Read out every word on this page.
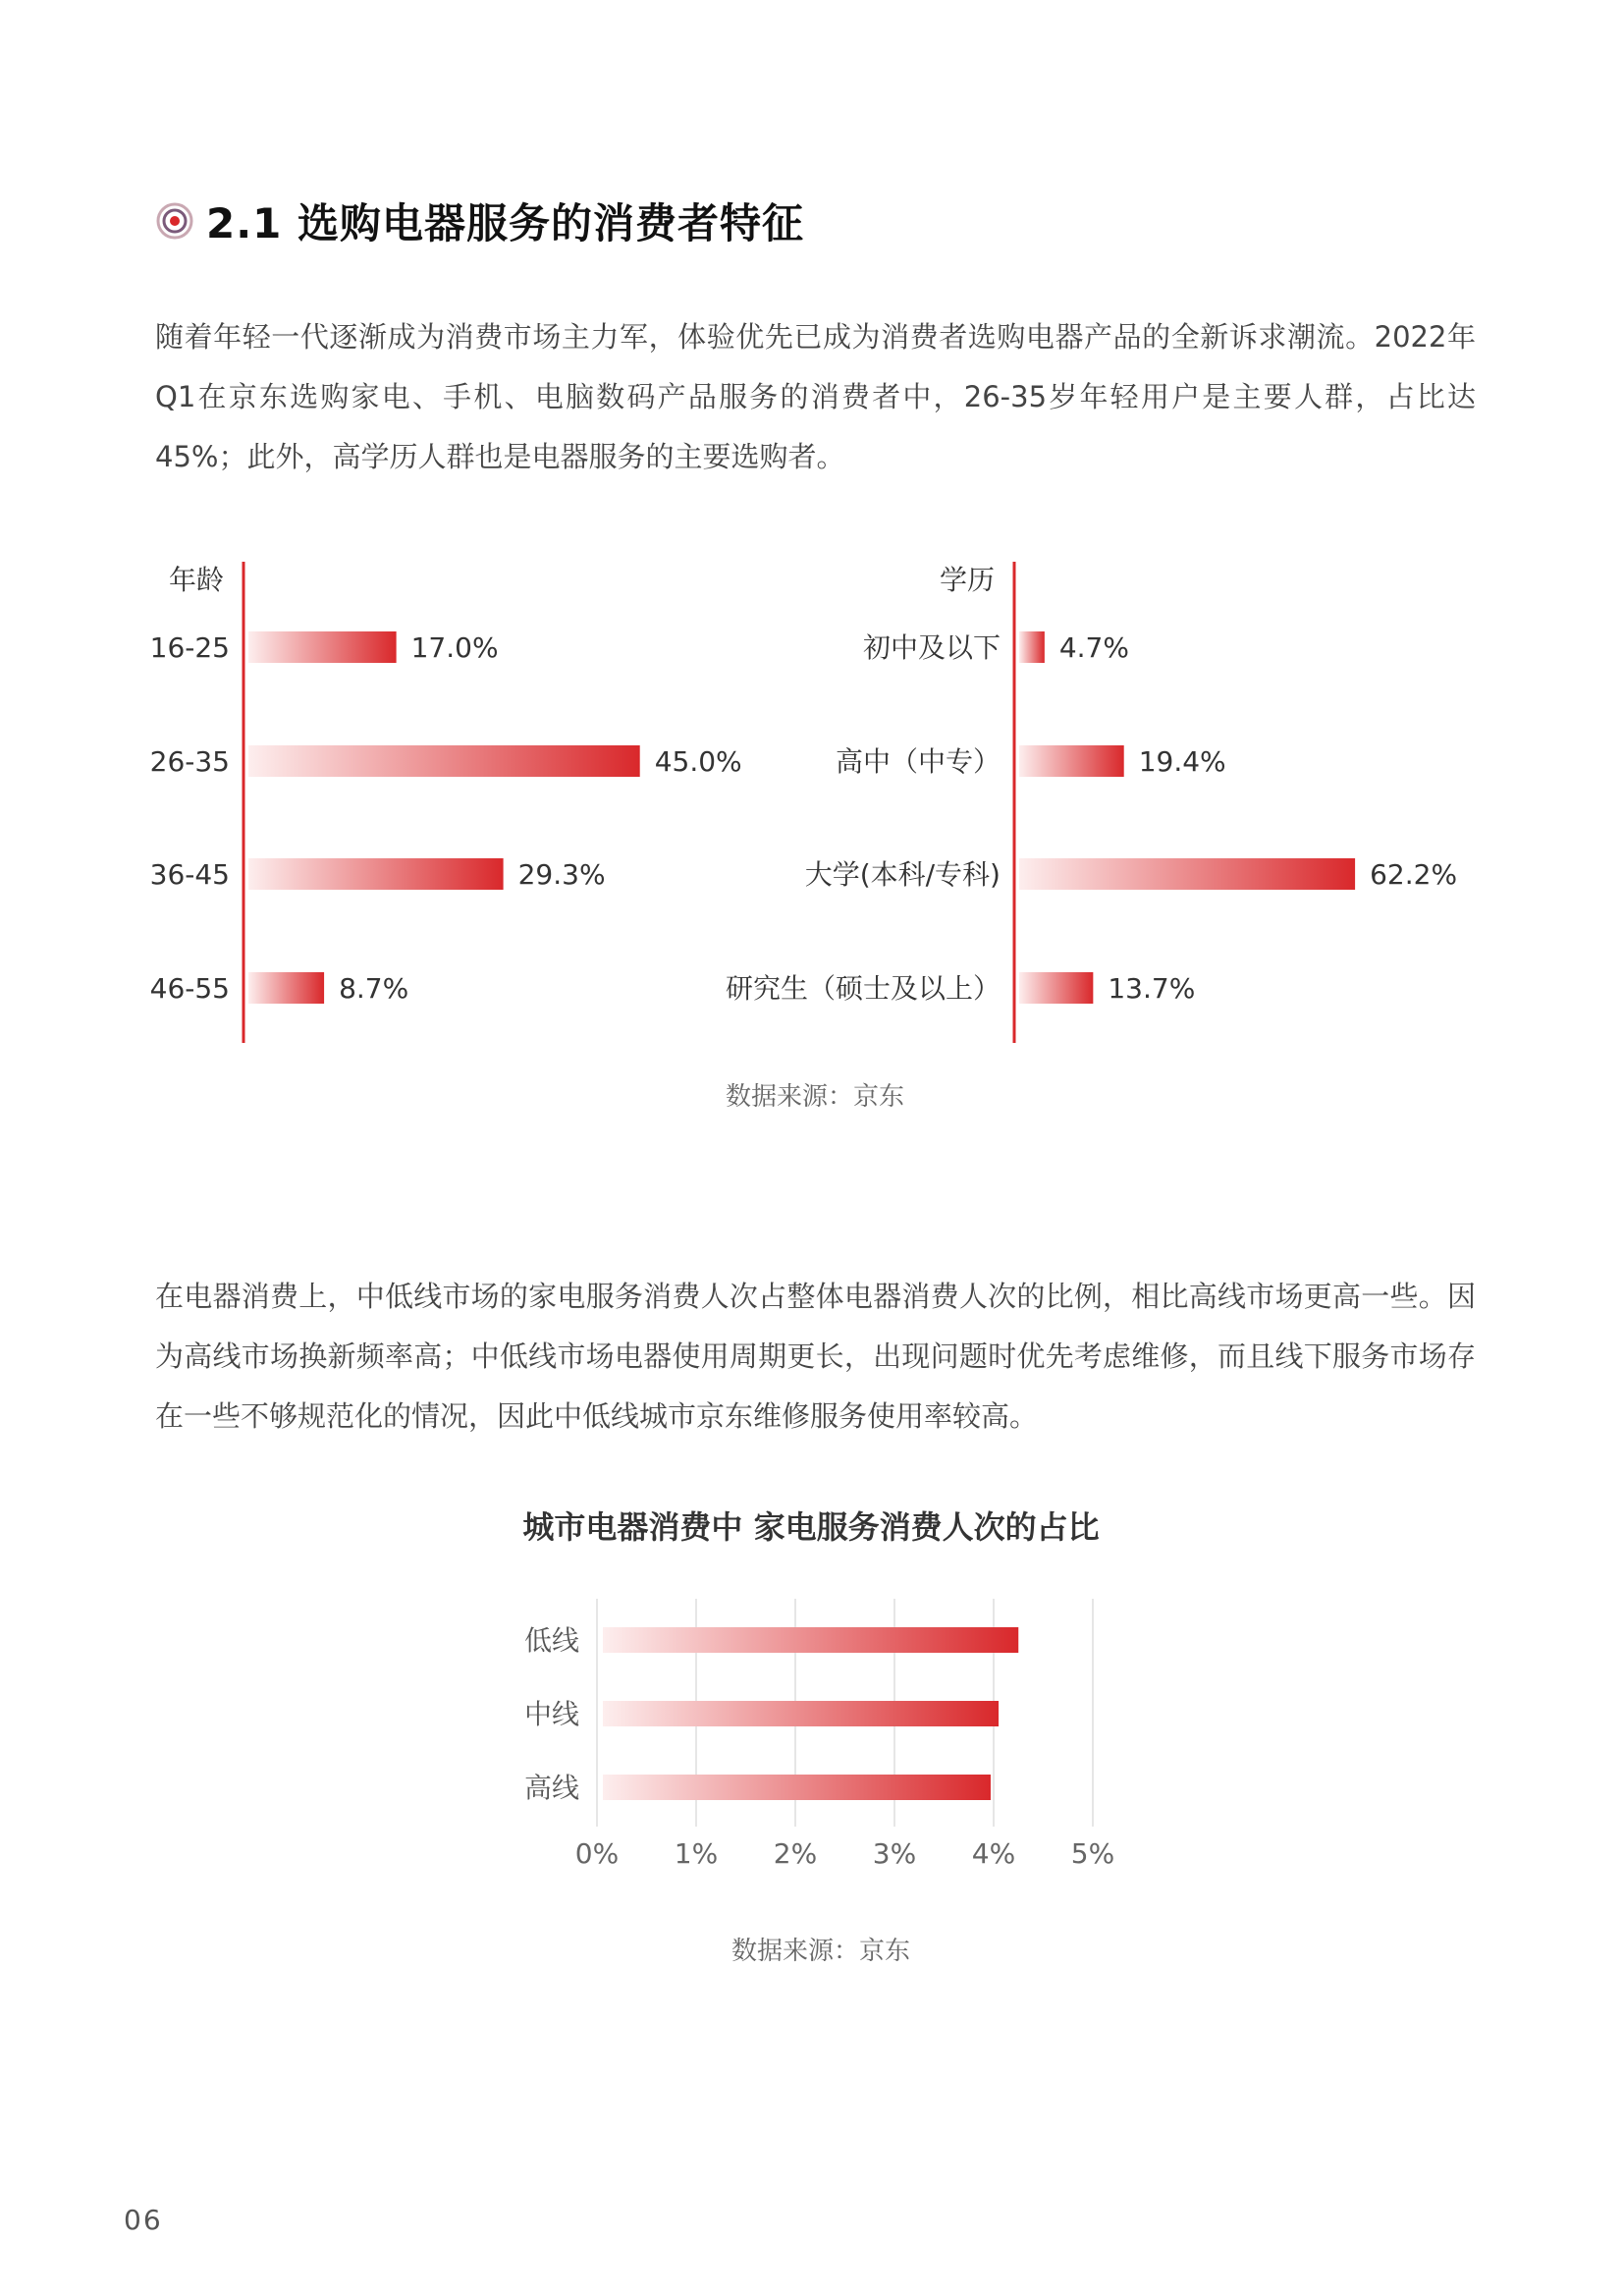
2.1 选购电器服务的消费者特征

随着年轻一代逐渐成为消费市场主力军，体验优先已成为消费者选购电器产品的全新诉求潮流。2022年Q1在京东选购家电、手机、电脑数码产品服务的消费者中，26-35岁年轻用户是主要人群，占比达45%；此外，高学历人群也是电器服务的主要选购者。

年龄
16-25	17.0%
26-35	45.0%
36-45	29.3%
46-55	8.7%
学历
初中及以下 4.7%
高中（中专）	19.4%
大学(本科/专科)	62.2%
研究生（硕士及以上）	13.7%
0% 1% 2% 3% 4% 5%
低线
中线
高线
数据来源：京东

在电器消费上，中低线市场的家电服务消费人次占整体电器消费人次的比例，相比高线市场更高一些。因为高线市场换新频率高；中低线市场电器使用周期更长，出现问题时优先考虑维修，而且线下服务市场存在一些不够规范化的情况，因此中低线城市京东维修服务使用率较高。

城市电器消费中 家电服务消费人次的占比
数据来源：京东
06
